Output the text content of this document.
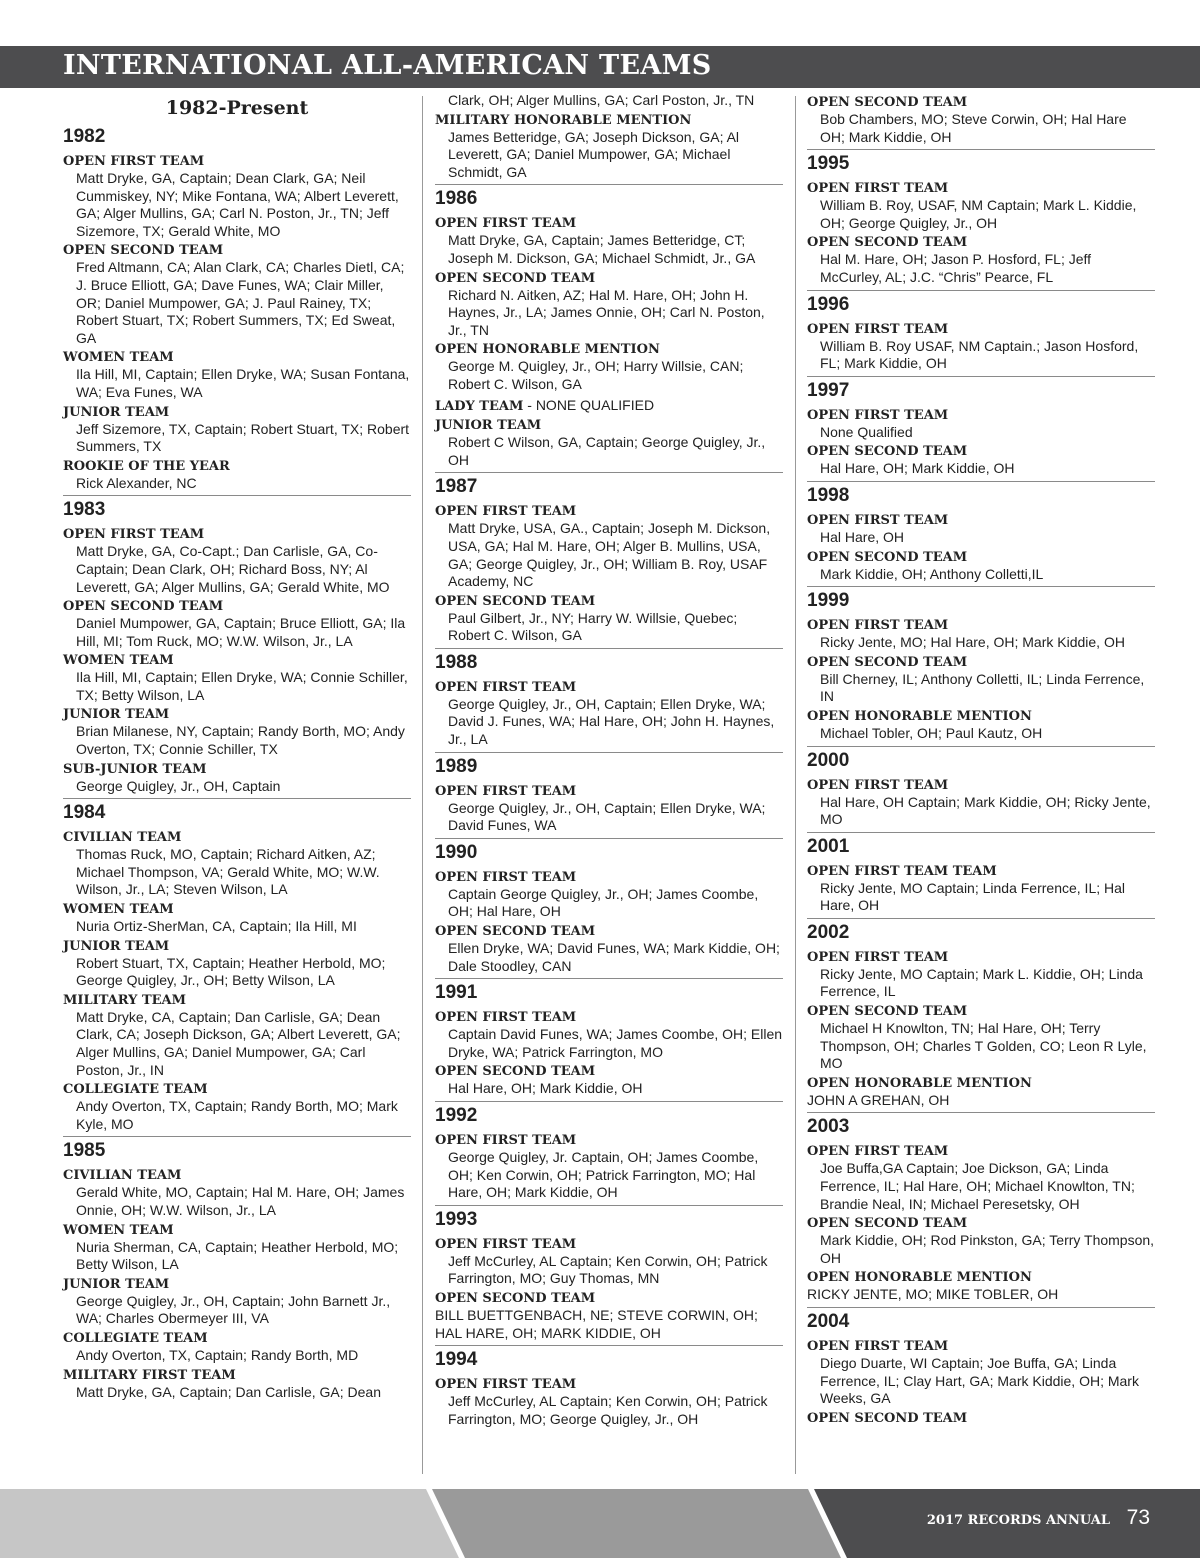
INTERNATIONAL ALL-AMERICAN TEAMS
1982-Present
1982
OPEN FIRST TEAM
Matt Dryke, GA, Captain; Dean Clark, GA; Neil Cummiskey, NY; Mike Fontana, WA; Albert Leverett, GA; Alger Mullins, GA; Carl N. Poston, Jr., TN; Jeff Sizemore, TX; Gerald White, MO
OPEN SECOND TEAM
Fred Altmann, CA; Alan Clark, CA; Charles Dietl, CA; J. Bruce Elliott, GA; Dave Funes, WA; Clair Miller, OR; Daniel Mumpower, GA; J. Paul Rainey, TX; Robert Stuart, TX; Robert Summers, TX; Ed Sweat, GA
WOMEN TEAM
Ila Hill, MI, Captain; Ellen Dryke, WA; Susan Fontana, WA; Eva Funes, WA
JUNIOR TEAM
Jeff Sizemore, TX, Captain; Robert Stuart, TX; Robert Summers, TX
ROOKIE OF THE YEAR
Rick Alexander, NC
1983
OPEN FIRST TEAM
Matt Dryke, GA, Co-Capt.; Dan Carlisle, GA, Co-Captain; Dean Clark, OH; Richard Boss, NY; Al Leverett, GA; Alger Mullins, GA; Gerald White, MO
OPEN SECOND TEAM
Daniel Mumpower, GA, Captain; Bruce Elliott, GA; Ila Hill, MI; Tom Ruck, MO; W.W. Wilson, Jr., LA
WOMEN TEAM
Ila Hill, MI, Captain; Ellen Dryke, WA; Connie Schiller, TX; Betty Wilson, LA
JUNIOR TEAM
Brian Milanese, NY, Captain; Randy Borth, MO; Andy Overton, TX; Connie Schiller, TX
SUB-JUNIOR TEAM
George Quigley, Jr., OH, Captain
1984
CIVILIAN TEAM
Thomas Ruck, MO, Captain; Richard Aitken, AZ; Michael Thompson, VA; Gerald White, MO; W.W. Wilson, Jr., LA; Steven Wilson, LA
WOMEN TEAM
Nuria Ortiz-SherMan, CA, Captain; Ila Hill, MI
JUNIOR TEAM
Robert Stuart, TX, Captain; Heather Herbold, MO; George Quigley, Jr., OH; Betty Wilson, LA
MILITARY TEAM
Matt Dryke, CA, Captain; Dan Carlisle, GA; Dean Clark, CA; Joseph Dickson, GA; Albert Leverett, GA; Alger Mullins, GA; Daniel Mumpower, GA; Carl Poston, Jr., IN
COLLEGIATE TEAM
Andy Overton, TX, Captain; Randy Borth, MO; Mark Kyle, MO
1985
CIVILIAN TEAM
Gerald White, MO, Captain; Hal M. Hare, OH; James Onnie, OH; W.W. Wilson, Jr., LA
WOMEN TEAM
Nuria Sherman, CA, Captain; Heather Herbold, MO; Betty Wilson, LA
JUNIOR TEAM
George Quigley, Jr., OH, Captain; John Barnett Jr., WA; Charles Obermeyer III, VA
COLLEGIATE TEAM
Andy Overton, TX, Captain; Randy Borth, MD
MILITARY FIRST TEAM
Matt Dryke, GA, Captain; Dan Carlisle, GA; Dean
Clark, OH; Alger Mullins, GA; Carl Poston, Jr., TN
MILITARY HONORABLE MENTION
James Betteridge, GA; Joseph Dickson, GA; Al Leverett, GA; Daniel Mumpower, GA; Michael Schmidt, GA
1986
OPEN FIRST TEAM
Matt Dryke, GA, Captain; James Betteridge, CT; Joseph M. Dickson, GA; Michael Schmidt, Jr., GA
OPEN SECOND TEAM
Richard N. Aitken, AZ; Hal M. Hare, OH; John H. Haynes, Jr., LA; James Onnie, OH; Carl N. Poston, Jr., TN
OPEN HONORABLE MENTION
George M. Quigley, Jr., OH; Harry Willsie, CAN; Robert C. Wilson, GA
LADY TEAM - NONE QUALIFIED
JUNIOR TEAM
Robert C Wilson, GA, Captain; George Quigley, Jr., OH
1987
OPEN FIRST TEAM
Matt Dryke, USA, GA., Captain; Joseph M. Dickson, USA, GA; Hal M. Hare, OH; Alger B. Mullins, USA, GA; George Quigley, Jr., OH; William B. Roy, USAF Academy, NC
OPEN SECOND TEAM
Paul Gilbert, Jr., NY; Harry W. Willsie, Quebec; Robert C. Wilson, GA
1988
OPEN FIRST TEAM
George Quigley, Jr., OH, Captain; Ellen Dryke, WA; David J. Funes, WA; Hal Hare, OH; John H. Haynes, Jr., LA
1989
OPEN FIRST TEAM
George Quigley, Jr., OH, Captain; Ellen Dryke, WA; David Funes, WA
1990
OPEN FIRST TEAM
Captain George Quigley, Jr., OH; James Coombe, OH; Hal Hare, OH
OPEN SECOND TEAM
Ellen Dryke, WA; David Funes, WA; Mark Kiddie, OH; Dale Stoodley, CAN
1991
OPEN FIRST TEAM
Captain David Funes, WA; James Coombe, OH; Ellen Dryke, WA; Patrick Farrington, MO
OPEN SECOND TEAM
Hal Hare, OH; Mark Kiddie, OH
1992
OPEN FIRST TEAM
George Quigley, Jr. Captain, OH; James Coombe, OH; Ken Corwin, OH; Patrick Farrington, MO; Hal Hare, OH; Mark Kiddie, OH
1993
OPEN FIRST TEAM
Jeff McCurley, AL Captain; Ken Corwin, OH; Patrick Farrington, MO; Guy Thomas, MN
OPEN SECOND TEAM
BILL BUETTGENBACH, NE; STEVE CORWIN, OH; HAL HARE, OH; MARK KIDDIE, OH
1994
OPEN FIRST TEAM
Jeff McCurley, AL Captain; Ken Corwin, OH; Patrick Farrington, MO; George Quigley, Jr., OH
OPEN SECOND TEAM
Bob Chambers, MO; Steve Corwin, OH; Hal Hare OH; Mark Kiddie, OH
1995
OPEN FIRST TEAM
William B. Roy, USAF, NM Captain; Mark L. Kiddie, OH; George Quigley, Jr., OH
OPEN SECOND TEAM
Hal M. Hare, OH; Jason P. Hosford, FL; Jeff McCurley, AL; J.C. “Chris” Pearce, FL
1996
OPEN FIRST TEAM
William B. Roy USAF, NM Captain.; Jason Hosford, FL; Mark Kiddie, OH
1997
OPEN FIRST TEAM
None Qualified
OPEN SECOND TEAM
Hal Hare, OH; Mark Kiddie, OH
1998
OPEN FIRST TEAM
Hal Hare, OH
OPEN SECOND TEAM
Mark Kiddie, OH; Anthony Colletti,IL
1999
OPEN FIRST TEAM
Ricky Jente, MO; Hal Hare, OH; Mark Kiddie, OH
OPEN SECOND TEAM
Bill Cherney, IL; Anthony Colletti, IL; Linda Ferrence, IN
OPEN HONORABLE MENTION
Michael Tobler, OH; Paul Kautz, OH
2000
OPEN FIRST TEAM
Hal Hare, OH Captain; Mark Kiddie, OH; Ricky Jente, MO
2001
OPEN FIRST TEAM TEAM
Ricky Jente, MO Captain; Linda Ferrence, IL; Hal Hare, OH
2002
OPEN FIRST TEAM
Ricky Jente, MO Captain; Mark L. Kiddie, OH; Linda Ferrence, IL
OPEN SECOND TEAM
Michael H Knowlton, TN; Hal Hare, OH; Terry Thompson, OH; Charles T Golden, CO; Leon R Lyle, MO
OPEN HONORABLE MENTION
JOHN A GREHAN, OH
2003
OPEN FIRST TEAM
Joe Buffa,GA Captain; Joe Dickson, GA; Linda Ferrence, IL; Hal Hare, OH; Michael Knowlton, TN; Brandie Neal, IN; Michael Peresetsky, OH
OPEN SECOND TEAM
Mark Kiddie, OH; Rod Pinkston, GA; Terry Thompson, OH
OPEN HONORABLE MENTION
RICKY JENTE, MO; MIKE TOBLER, OH
2004
OPEN FIRST TEAM
Diego Duarte, WI Captain; Joe Buffa, GA; Linda Ferrence, IL; Clay Hart, GA; Mark Kiddie, OH; Mark Weeks, GA
OPEN SECOND TEAM
2017 RECORDS ANNUAL 73
